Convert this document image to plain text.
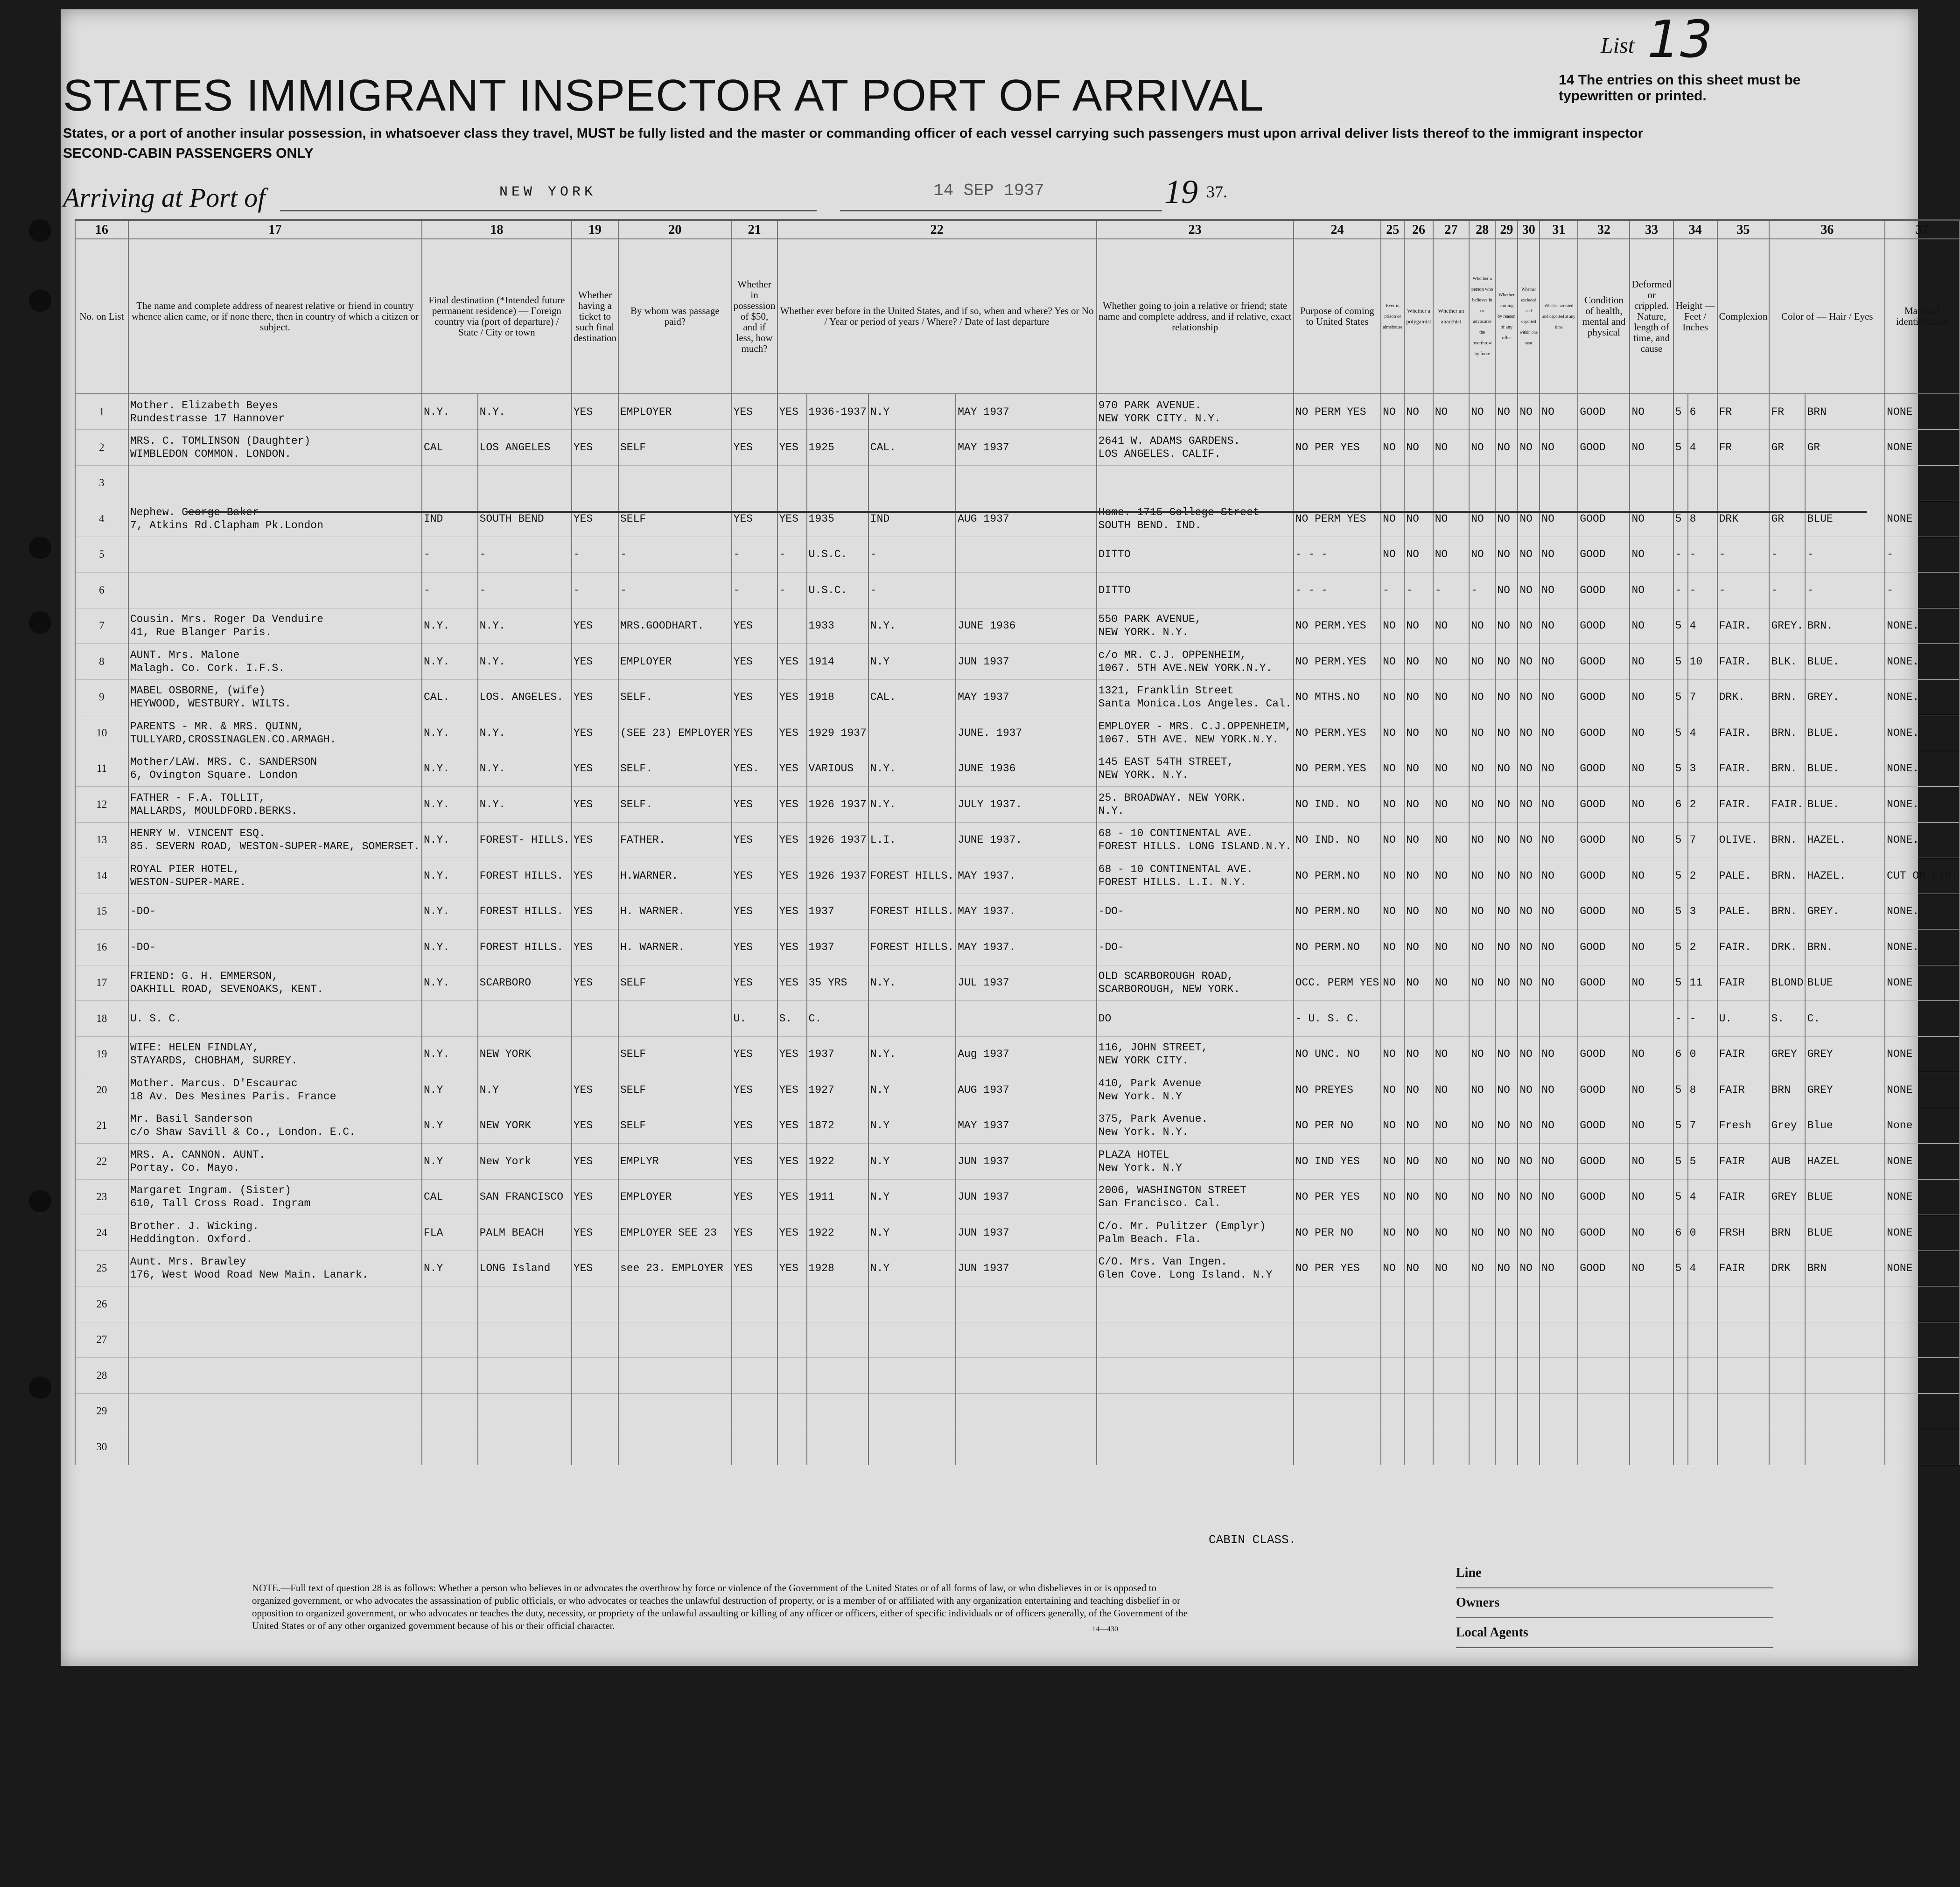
STATES IMMIGRANT INSPECTOR AT PORT OF ARRIVAL
States, or a port of another insular possession, in whatsoever class they travel, MUST be fully listed and the master or commanding officer of each vessel carrying such passengers must upon arrival deliver lists thereof to the immigrant inspector
SECOND-CABIN PASSENGERS ONLY
List 13
14 The entries on this sheet must be typewritten or printed.
Arriving at Port of	NEW YORK	14 SEP 1937	19 37.
16	17	18		19	20	21	22				23	24	25	26	27	28	29	30	31	32	33	34		35	36		37
No. on List	The name and complete address of nearest relative or friend in country whence alien came, or if none there, then in country of which a citizen or subject.	Final destination (*Intended future permanent residence) — Foreign country via (port of departure) / State / City or town		Whether having a ticket to such final destination	By whom was passage paid?	Whether in possession of $50, and if less, how much?	Whether ever before in the United States, and if so, when and where? Yes or No / Year or period of years / Where? / Date of last departure				Whether going to join a relative or friend; state name and complete address, and if relative, exact relationship	Purpose of coming to United States	Ever in prison or almshouse	Whether a polygamist	Whether an anarchist	Whether a person who believes in or advocates the overthrow by force	Whether coming by reason of any offer	Whether excluded and deported within one year	Whether arrested and deported at any time	Condition of health, mental and physical	Deformed or crippled. Nature, length of time, and cause	Height — Feet / Inches		Complexion	Color of — Hair / Eyes		Marks of identification
1	Mother. Elizabeth Beyes
Rundestrasse 17 Hannover	N.Y.	N.Y.	YES	EMPLOYER	YES	YES	1936-1937	N.Y	MAY 1937	970 PARK AVENUE.
NEW YORK CITY. N.Y.	NO PERM YES	NO	NO	NO	NO	NO	NO	NO	GOOD	NO	5	6	FR	FR	BRN	NONE
2	MRS. C. TOMLINSON (Daughter)
WIMBLEDON COMMON. LONDON.	CAL	LOS ANGELES	YES	SELF	YES	YES	1925	CAL.	MAY 1937	2641 W. ADAMS GARDENS.
LOS ANGELES. CALIF.	NO PER YES	NO	NO	NO	NO	NO	NO	NO	GOOD	NO	5	4	FR	GR	GR	NONE
3																											
4	Nephew. George Baker
7, Atkins Rd.Clapham Pk.London	IND	SOUTH BEND	YES	SELF	YES	YES	1935	IND	AUG 1937	Home. 1715 College Street
SOUTH BEND. IND.	NO PERM YES	NO	NO	NO	NO	NO	NO	NO	GOOD	NO	5	8	DRK	GR	BLUE	NONE
5		-	-	-	-	-	-	U.S.C.	-		DITTO	- - -	NO	NO	NO	NO	NO	NO	NO	GOOD	NO	-	-	-	-	-	-
6		-	-	-	-	-	-	U.S.C.	-		DITTO	- - -	-	-	-	-	NO	NO	NO	GOOD	NO	-	-	-	-	-	-
7	Cousin. Mrs. Roger Da Venduire
41, Rue Blanger Paris.	N.Y.	N.Y.	YES	MRS.GOODHART.	YES		1933	N.Y.	JUNE 1936	550 PARK AVENUE,
NEW YORK. N.Y.	NO PERM.YES	NO	NO	NO	NO	NO	NO	NO	GOOD	NO	5	4	FAIR.	GREY.	BRN.	NONE.
8	AUNT. Mrs. Malone
Malagh. Co. Cork. I.F.S.	N.Y.	N.Y.	YES	EMPLOYER	YES	YES	1914	N.Y	JUN 1937	c/o MR. C.J. OPPENHEIM,
1067. 5TH AVE.NEW YORK.N.Y.	NO PERM.YES	NO	NO	NO	NO	NO	NO	NO	GOOD	NO	5	10	FAIR.	BLK.	BLUE.	NONE.
9	MABEL OSBORNE, (wife)
HEYWOOD, WESTBURY. WILTS.	CAL.	LOS. ANGELES.	YES	SELF.	YES	YES	1918	CAL.	MAY 1937	1321, Franklin Street
Santa Monica.Los Angeles. Cal.	NO MTHS.NO	NO	NO	NO	NO	NO	NO	NO	GOOD	NO	5	7	DRK.	BRN.	GREY.	NONE.
10	PARENTS - MR. & MRS. QUINN,
TULLYARD,CROSSINAGLEN.CO.ARMAGH.	N.Y.	N.Y.	YES	(SEE 23) EMPLOYER	YES	YES	1929 1937		JUNE. 1937	EMPLOYER - MRS. C.J.OPPENHEIM,
1067. 5TH AVE. NEW YORK.N.Y.	NO PERM.YES	NO	NO	NO	NO	NO	NO	NO	GOOD	NO	5	4	FAIR.	BRN.	BLUE.	NONE.
11	Mother/LAW. MRS. C. SANDERSON
6, Ovington Square. London	N.Y.	N.Y.	YES	SELF.	YES.	YES	VARIOUS	N.Y.	JUNE 1936	145 EAST 54TH STREET,
NEW YORK. N.Y.	NO PERM.YES	NO	NO	NO	NO	NO	NO	NO	GOOD	NO	5	3	FAIR.	BRN.	BLUE.	NONE.
12	FATHER - F.A. TOLLIT,
MALLARDS, MOULDFORD.BERKS.	N.Y.	N.Y.	YES	SELF.	YES	YES	1926 1937	N.Y.	JULY 1937.	25. BROADWAY. NEW YORK.
N.Y.	NO IND. NO	NO	NO	NO	NO	NO	NO	NO	GOOD	NO	6	2	FAIR.	FAIR.	BLUE.	NONE.
13	HENRY W. VINCENT ESQ.
85. SEVERN ROAD, WESTON-SUPER-MARE, SOMERSET.	N.Y.	FOREST- HILLS.	YES	FATHER.	YES	YES	1926 1937	L.I.	JUNE 1937.	68 - 10 CONTINENTAL AVE.
FOREST HILLS. LONG ISLAND.N.Y.	NO IND. NO	NO	NO	NO	NO	NO	NO	NO	GOOD	NO	5	7	OLIVE.	BRN.	HAZEL.	NONE.
14	ROYAL PIER HOTEL,
WESTON-SUPER-MARE.	N.Y.	FOREST HILLS.	YES	H.WARNER.	YES	YES	1926 1937	FOREST HILLS.	MAY 1937.	68 - 10 CONTINENTAL AVE.
FOREST HILLS. L.I. N.Y.	NO PERM.NO	NO	NO	NO	NO	NO	NO	NO	GOOD	NO	5	2	PALE.	BRN.	HAZEL.	CUT ON LIP.
15	-DO-	N.Y.	FOREST HILLS.	YES	H. WARNER.	YES	YES	1937	FOREST HILLS.	MAY 1937.	-DO-	NO PERM.NO	NO	NO	NO	NO	NO	NO	NO	GOOD	NO	5	3	PALE.	BRN.	GREY.	NONE.
16	-DO-	N.Y.	FOREST HILLS.	YES	H. WARNER.	YES	YES	1937	FOREST HILLS.	MAY 1937.	-DO-	NO PERM.NO	NO	NO	NO	NO	NO	NO	NO	GOOD	NO	5	2	FAIR.	DRK.	BRN.	NONE.
17	FRIEND: G. H. EMMERSON,
OAKHILL ROAD, SEVENOAKS, KENT.	N.Y.	SCARBORO	YES	SELF	YES	YES	35 YRS	N.Y.	JUL 1937	OLD SCARBOROUGH ROAD,
SCARBOROUGH, NEW YORK.	OCC. PERM YES	NO	NO	NO	NO	NO	NO	NO	GOOD	NO	5	11	FAIR	BLOND	BLUE	NONE
18	U. S. C.					U.	S.	C.			DO	- U. S. C.										-	-	U.	S.	C.	
19	WIFE: HELEN FINDLAY,
STAYARDS, CHOBHAM, SURREY.	N.Y.	NEW YORK		SELF	YES	YES	1937	N.Y.	Aug 1937	116, JOHN STREET,
NEW YORK CITY.	NO UNC. NO	NO	NO	NO	NO	NO	NO	NO	GOOD	NO	6	0	FAIR	GREY	GREY	NONE
20	Mother. Marcus. D'Escaurac
18 Av. Des Mesines Paris. France	N.Y	N.Y	YES	SELF	YES	YES	1927	N.Y	AUG 1937	410, Park Avenue
New York. N.Y	NO PREYES	NO	NO	NO	NO	NO	NO	NO	GOOD	NO	5	8	FAIR	BRN	GREY	NONE
21	Mr. Basil Sanderson
c/o Shaw Savill & Co., London. E.C.	N.Y	NEW YORK	YES	SELF	YES	YES	1872	N.Y	MAY 1937	375, Park Avenue.
New York. N.Y.	NO PER NO	NO	NO	NO	NO	NO	NO	NO	GOOD	NO	5	7	Fresh	Grey	Blue	None
22	MRS. A. CANNON. AUNT.
Portay. Co. Mayo.	N.Y	New York	YES	EMPLYR	YES	YES	1922	N.Y	JUN 1937	PLAZA HOTEL
New York. N.Y	NO IND YES	NO	NO	NO	NO	NO	NO	NO	GOOD	NO	5	5	FAIR	AUB	HAZEL	NONE
23	Margaret Ingram. (Sister)
610, Tall Cross Road. Ingram	CAL	SAN FRANCISCO	YES	EMPLOYER	YES	YES	1911	N.Y	JUN 1937	2006, WASHINGTON STREET
San Francisco. Cal.	NO PER YES	NO	NO	NO	NO	NO	NO	NO	GOOD	NO	5	4	FAIR	GREY	BLUE	NONE
24	Brother. J. Wicking.
Heddington. Oxford.	FLA	PALM BEACH	YES	EMPLOYER SEE 23	YES	YES	1922	N.Y	JUN 1937	C/o. Mr. Pulitzer (Emplyr)
Palm Beach. Fla.	NO PER NO	NO	NO	NO	NO	NO	NO	NO	GOOD	NO	6	0	FRSH	BRN	BLUE	NONE
25	Aunt. Mrs. Brawley
176, West Wood Road New Main. Lanark.	N.Y	LONG Island	YES	see 23. EMPLOYER	YES	YES	1928	N.Y	JUN 1937	C/O. Mrs. Van Ingen.
Glen Cove. Long Island. N.Y	NO PER YES	NO	NO	NO	NO	NO	NO	NO	GOOD	NO	5	4	FAIR	DRK	BRN	NONE
26																											
27																											
28																											
29																											
30																											
CABIN CLASS.
NOTE.—Full text of question 28 is as follows: Whether a person who believes in or advocates the overthrow by force or violence of the Government of the United States or of all forms of law, or who disbelieves in or is opposed to organized government, or who advocates the assassination of public officials, or who advocates or teaches the unlawful destruction of property, or is a member of or affiliated with any organization entertaining and teaching disbelief in or opposition to organized government, or who advocates or teaches the duty, necessity, or propriety of the unlawful assaulting or killing of any officer or officers, either of specific individuals or of officers generally, of the Government of the United States or of any other organized government because of his or their official character.	14—430
Line
Owners
Local Agents
